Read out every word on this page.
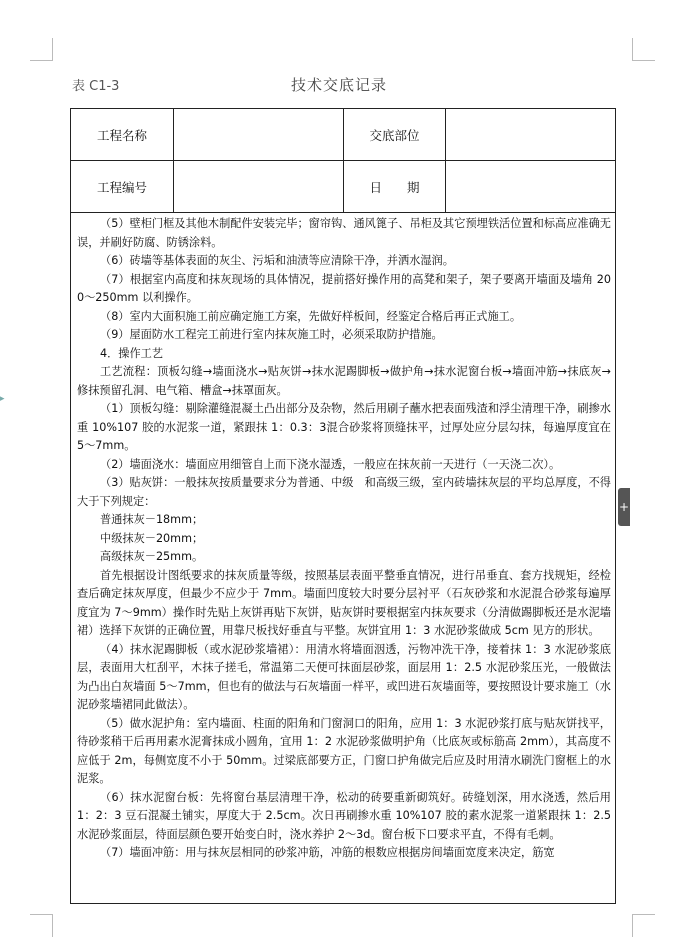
▸
表 C1-3	技术交底记录
工程名称	交底部位
工程编号	日　　期

（5）壁柜门框及其他木制配件安装完毕；窗帘钩、通风篦子、吊柜及其它预埋铁活位置和标高应准确无误，并刷好防腐、防锈涂料。

（6）砖墙等基体表面的灰尘、污垢和油渍等应清除干净，并洒水湿润。

（7）根据室内高度和抹灰现场的具体情况，提前搭好操作用的高凳和架子，架子要离开墙面及墙角 200～250mm 以利操作。

（8）室内大面积施工前应确定施工方案，先做好样板间，经鉴定合格后再正式施工。

（9）屋面防水工程完工前进行室内抹灰施工时，必须采取防护措施。

4．操作工艺

工艺流程：顶板勾缝→墙面浇水→贴灰饼→抹水泥踢脚板→做护角→抹水泥窗台板→墙面冲筋→抹底灰→修抹预留孔洞、电气箱、槽盒→抹罩面灰。

（1）顶板勾缝：剔除灌缝混凝土凸出部分及杂物，然后用刷子蘸水把表面残渣和浮尘清理干净，刷掺水重 10%107 胶的水泥浆一道，紧跟抹 1：0.3：3混合砂浆将顶缝抹平，过厚处应分层勾抹，每遍厚度宜在 5～7mm。

（2）墙面浇水：墙面应用细管自上而下浇水湿透，一般应在抹灰前一天进行（一天浇二次）。

（3）贴灰饼：一般抹灰按质量要求分为普通、中级　和高级三级，室内砖墙抹灰层的平均总厚度，不得大于下列规定：

普通抹灰－18mm；

中级抹灰－20mm；

高级抹灰－25mm。

首先根据设计图纸要求的抹灰质量等级，按照基层表面平整垂直情况，进行吊垂直、套方找规矩，经检查后确定抹灰厚度，但最少不应少于 7mm。墙面凹度较大时要分层衬平（石灰砂浆和水泥混合砂浆每遍厚度宜为 7～9mm）操作时先贴上灰饼再贴下灰饼，贴灰饼时要根据室内抹灰要求（分清做踢脚板还是水泥墙裙）选择下灰饼的正确位置，用靠尺板找好垂直与平整。灰饼宜用 1：3 水泥砂浆做成 5cm 见方的形状。

（4）抹水泥踢脚板（或水泥砂浆墙裙）：用清水将墙面洇透，污物冲洗干净，接着抹 1：3 水泥砂浆底层，表面用大杠刮平，木抹子搓毛，常温第二天便可抹面层砂浆，面层用 1：2.5 水泥砂浆压光，一般做法为凸出白灰墙面 5～7mm，但也有的做法与石灰墙面一样平，或凹进石灰墙面等，要按照设计要求施工（水泥砂浆墙裙同此做法）。

（5）做水泥护角：室内墙面、柱面的阳角和门窗洞口的阳角，应用 1：3 水泥砂浆打底与贴灰饼找平，待砂浆稍干后再用素水泥膏抹成小圆角，宜用 1：2 水泥砂浆做明护角（比底灰或标筋高 2mm），其高度不应低于 2m，每侧宽度不小于 50mm。过梁底部要方正，门窗口护角做完后应及时用清水刷洗门窗框上的水泥浆。

（6）抹水泥窗台板：先将窗台基层清理干净，松动的砖要重新砌筑好。砖缝划深，用水浇透，然后用 1：2：3 豆石混凝土铺实，厚度大于 2.5cm。次日再刷掺水重 10%107 胶的素水泥浆一道紧跟抹 1：2.5 水泥砂浆面层，待面层颜色要开始变白时，浇水养护 2～3d。窗台板下口要求平直，不得有毛刺。

（7）墙面冲筋：用与抹灰层相同的砂浆冲筋，冲筋的根数应根据房间墙面宽度来决定，筋宽

+
